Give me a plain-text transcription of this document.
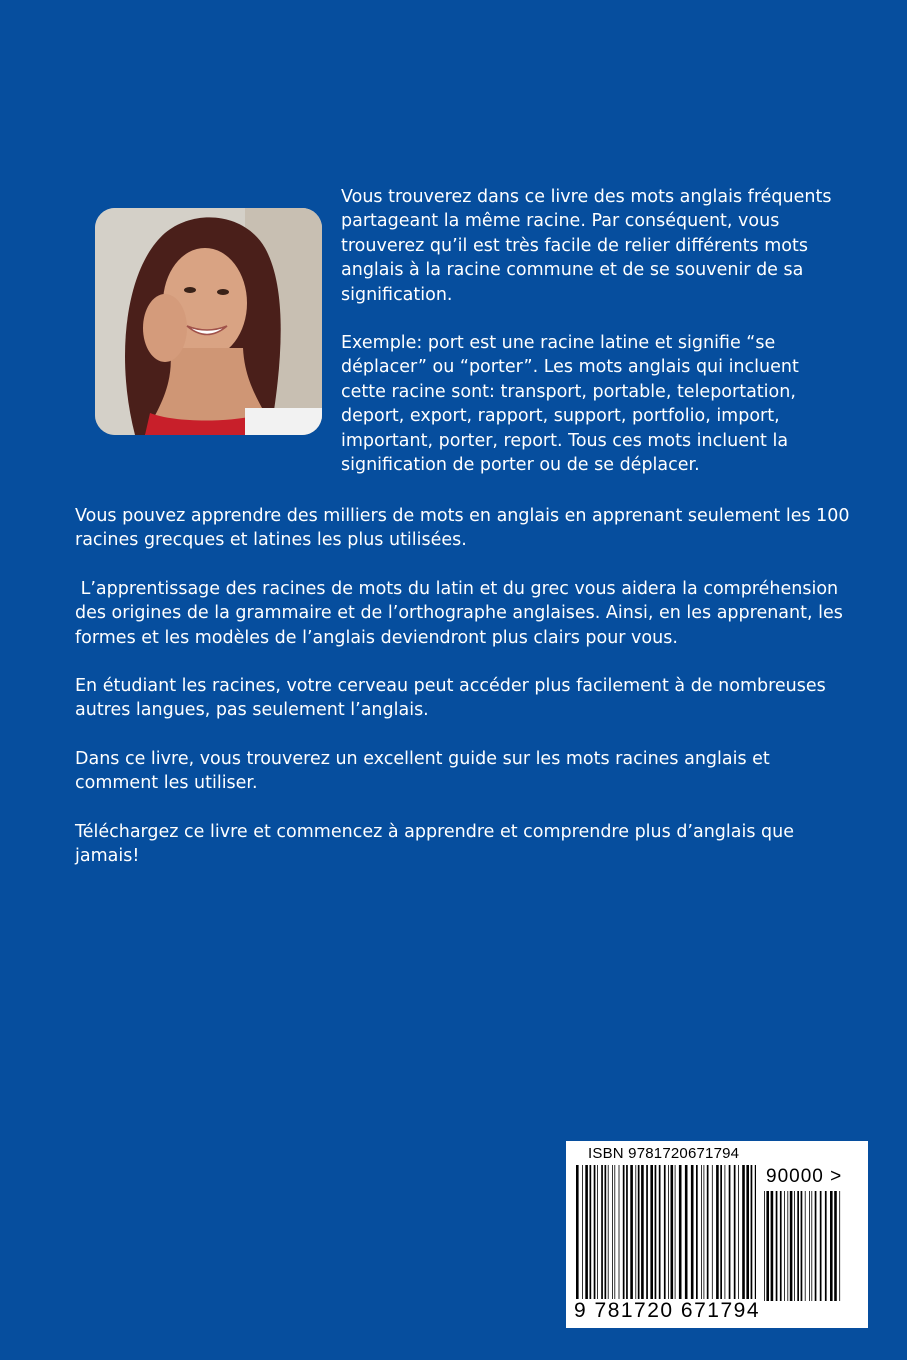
Vous trouverez dans ce livre des mots anglais fréquents partageant la même racine. Par conséquent, vous trouverez qu’il est très facile de relier différents mots anglais à la racine commune et de se souvenir de sa signification.

Exemple: port est une racine latine et signifie “se déplacer” ou “porter”. Les mots anglais qui incluent cette racine sont: transport, portable, teleportation, deport, export, rapport, support, portfolio, import, important, porter, report. Tous ces mots incluent la signification de porter ou de se déplacer.

Vous pouvez apprendre des milliers de mots en anglais en apprenant seulement les 100 racines grecques et latines les plus utilisées.

L’apprentissage des racines de mots du latin et du grec vous aidera la compréhension des origines de la grammaire et de l’orthographe anglaises. Ainsi, en les apprenant, les formes et les modèles de l’anglais deviendront plus clairs pour vous.

En étudiant les racines, votre cerveau peut accéder plus facilement à de nombreuses autres langues, pas seulement l’anglais.

Dans ce livre, vous trouverez un excellent guide sur les mots racines anglais et comment les utiliser.

Téléchargez ce livre et commencez à apprendre et comprendre plus d’anglais que jamais!

ISBN 9781720671794
90000 >
9 781720 671794
